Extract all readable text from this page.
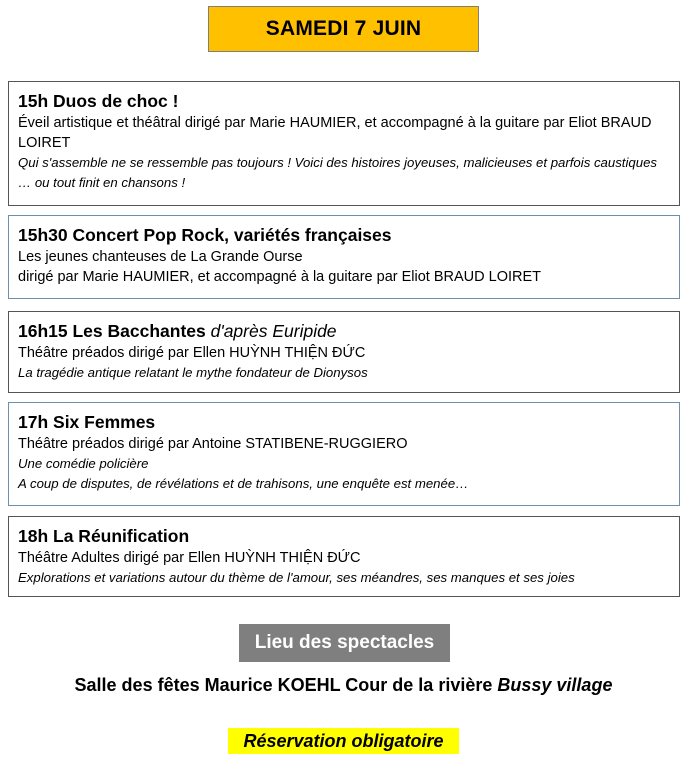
SAMEDI 7 JUIN
15h Duos de choc !
Éveil artistique et théâtral dirigé par Marie HAUMIER, et accompagné à la guitare par Eliot BRAUD LOIRET
Qui s'assemble ne se ressemble pas toujours ! Voici des histoires joyeuses, malicieuses et parfois caustiques … ou tout finit en chansons !
15h30 Concert Pop Rock, variétés françaises
Les jeunes chanteuses de La Grande Ourse
dirigé par Marie HAUMIER, et accompagné à la guitare par Eliot BRAUD LOIRET
16h15 Les Bacchantes d'après Euripide
Théâtre préados dirigé par Ellen HUỲNH THIỆN ĐỨC
La tragédie antique relatant le mythe fondateur de Dionysos
17h Six Femmes
Théâtre préados dirigé par Antoine STATIBENE-RUGGIERO
Une comédie policière
A coup de disputes, de révélations et de trahisons, une enquête est menée…
18h La Réunification
Théâtre Adultes dirigé par Ellen HUỲNH THIỆN ĐỨC
Explorations et variations autour du thème de l'amour, ses méandres, ses manques et ses joies
Lieu des spectacles
Salle des fêtes Maurice KOEHL Cour de la rivière Bussy village
Réservation obligatoire
